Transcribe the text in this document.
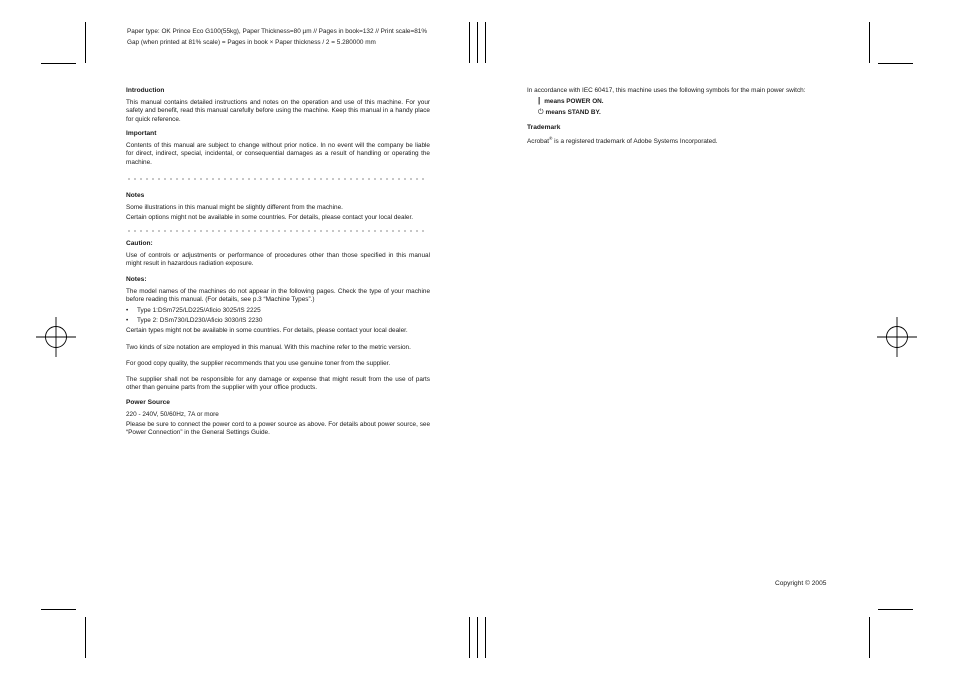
Paper type: OK Prince Eco G100(55kg), Paper Thickness=80 µm // Pages in book=132 // Print scale=81%
Gap (when printed at 81% scale) = Pages in book × Paper thickness / 2 = 5.280000 mm
Introduction

This manual contains detailed instructions and notes on the operation and use of this machine. For your safety and benefit, read this manual carefully before using the machine. Keep this manual in a handy place for quick reference.

Important

Contents of this manual are subject to change without prior notice. In no event will the company be liable for direct, indirect, special, incidental, or consequential damages as a result of handling or operating the machine.

Notes

Some illustrations in this manual might be slightly different from the machine.

Certain options might not be available in some countries. For details, please contact your local dealer.

Caution:

Use of controls or adjustments or performance of procedures other than those specified in this manual might result in hazardous radiation exposure.

Notes:

The model names of the machines do not appear in the following pages. Check the type of your machine before reading this manual. (For details, see p.3 “Machine Types”.)

• Type 1:DSm725/LD225/Aficio 3025/IS 2225
• Type 2: DSm730/LD230/Aficio 3030/IS 2230

Certain types might not be available in some countries. For details, please contact your local dealer.

Two kinds of size notation are employed in this manual. With this machine refer to the metric version.

For good copy quality, the supplier recommends that you use genuine toner from the supplier.

The supplier shall not be responsible for any damage or expense that might result from the use of parts other than genuine parts from the supplier with your office products.

Power Source

220 - 240V, 50/60Hz, 7A or more

Please be sure to connect the power cord to a power source as above. For details about power source, see “Power Connection” in the General Settings Guide.

In accordance with IEC 60417, this machine uses the following symbols for the main power switch:
| means POWER ON.
⏻ means STAND BY.
Trademark
Acrobat® is a registered trademark of Adobe Systems Incorporated.
Copyright © 2005
